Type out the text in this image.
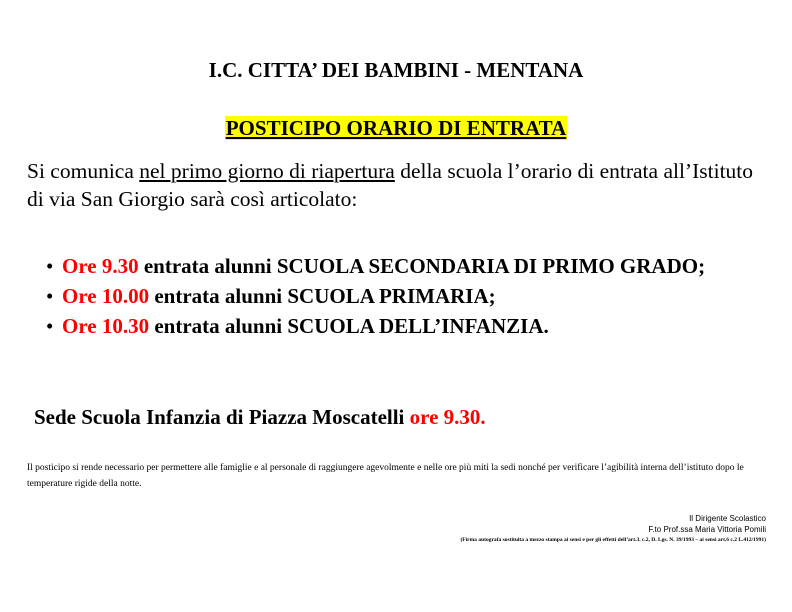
I.C. CITTA’ DEI BAMBINI - MENTANA
POSTICIPO ORARIO DI ENTRATA
Si comunica nel primo giorno di riapertura della scuola l’orario di entrata all’Istituto di via San Giorgio sarà così articolato:
• Ore 9.30 entrata alunni SCUOLA SECONDARIA DI PRIMO GRADO;
• Ore 10.00 entrata alunni SCUOLA PRIMARIA;
• Ore 10.30 entrata alunni SCUOLA DELL’INFANZIA.
Sede Scuola Infanzia di Piazza Moscatelli ore 9.30.
Il posticipo si rende necessario per permettere alle famiglie e al personale di raggiungere agevolmente e nelle ore più miti la sedi nonché per verificare l’agibilità interna dell’istituto dopo le temperature rigide della notte.
Il Dirigente Scolastico
F.to Prof.ssa Maria Vittoria Pomili
(Firma autografa sostituita a mezzo stampa ai sensi e per gli effetti dell’art.3. c.2, D. Lgs. N. 39/1993 – ai sensi art.6 c.2 L.412/1991)
